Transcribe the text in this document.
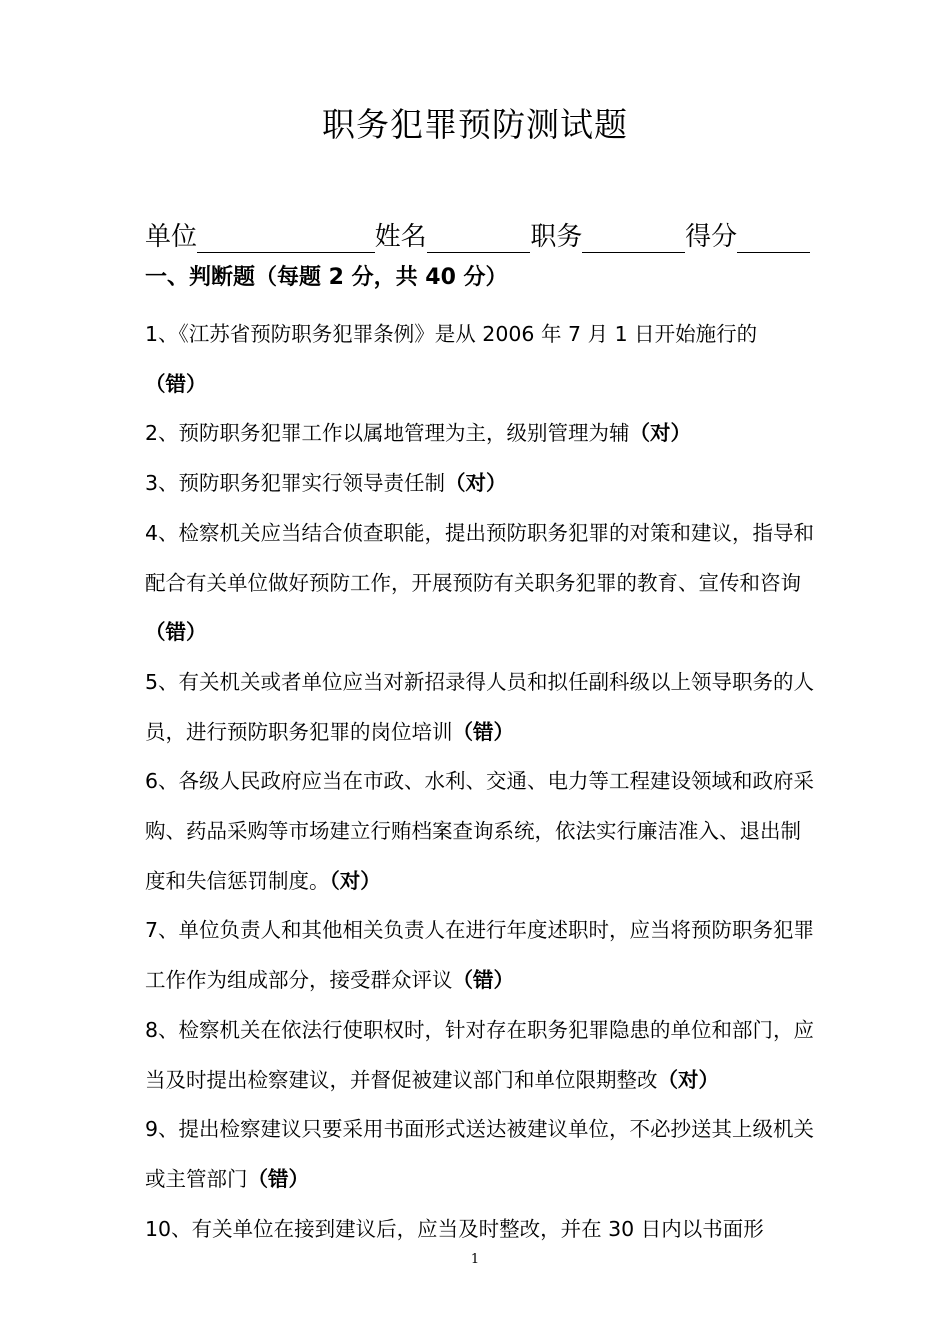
职务犯罪预防测试题
单位	姓名	职务	得分
一、判断题（每题 2 分，共 40 分）
1、《江苏省预防职务犯罪条例》是从 2006 年 7 月 1 日开始施行的（错）
2、预防职务犯罪工作以属地管理为主，级别管理为辅（对）
3、预防职务犯罪实行领导责任制（对）
4、检察机关应当结合侦查职能，提出预防职务犯罪的对策和建议，指导和配合有关单位做好预防工作，开展预防有关职务犯罪的教育、宣传和咨询（错）
5、有关机关或者单位应当对新招录得人员和拟任副科级以上领导职务的人员，进行预防职务犯罪的岗位培训（错）
6、各级人民政府应当在市政、水利、交通、电力等工程建设领域和政府采购、药品采购等市场建立行贿档案查询系统，依法实行廉洁准入、退出制度和失信惩罚制度。（对）
7、单位负责人和其他相关负责人在进行年度述职时，应当将预防职务犯罪工作作为组成部分，接受群众评议（错）
8、检察机关在依法行使职权时，针对存在职务犯罪隐患的单位和部门，应当及时提出检察建议，并督促被建议部门和单位限期整改（对）
9、提出检察建议只要采用书面形式送达被建议单位，不必抄送其上级机关或主管部门（错）
10、有关单位在接到建议后，应当及时整改，并在 30 日内以书面形
1
